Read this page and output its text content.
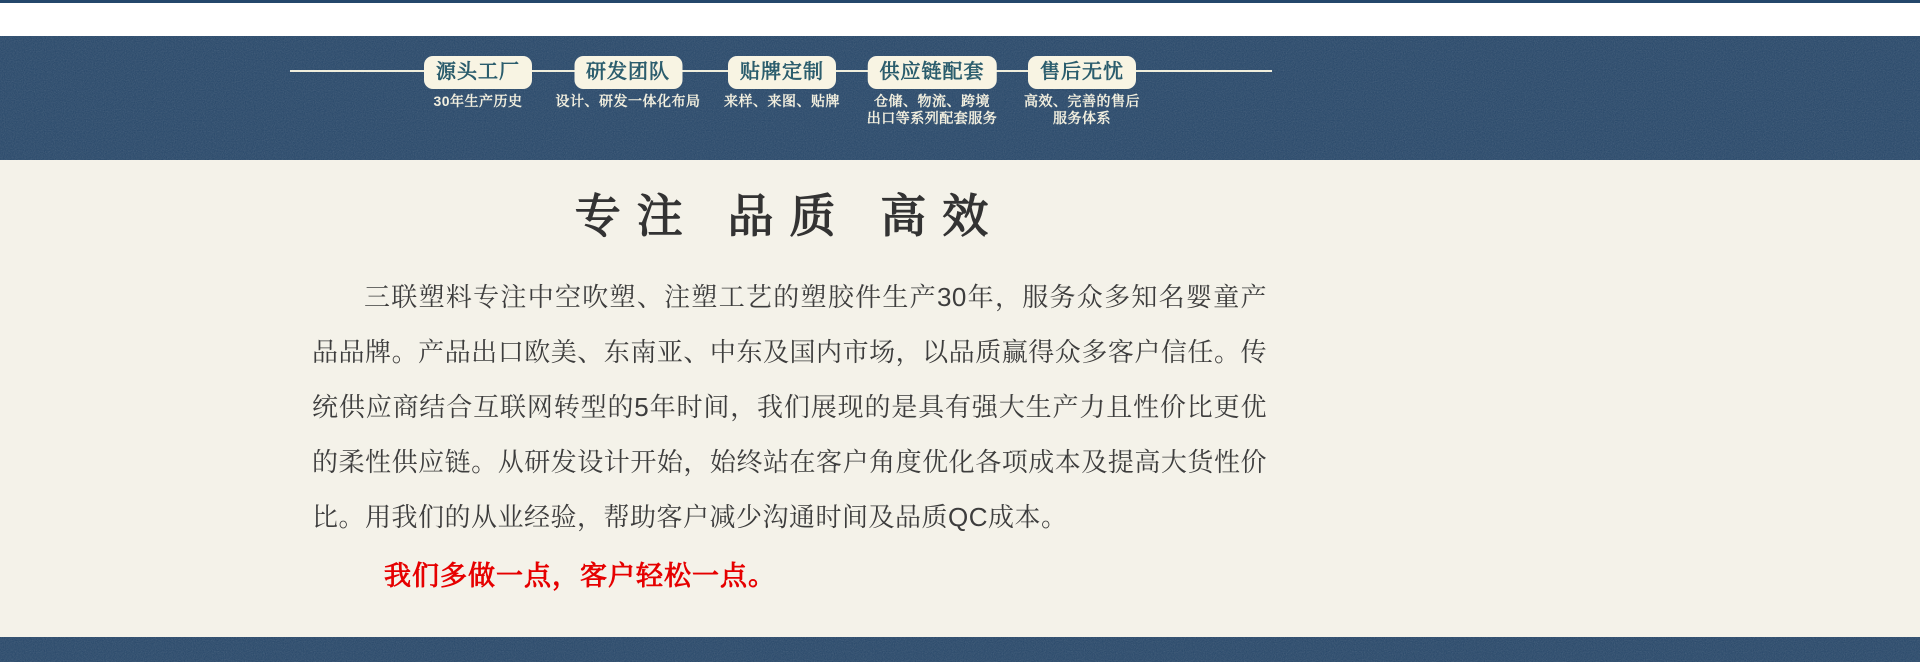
源头工厂
30年生产历史
研发团队
设计、研发一体化布局
贴牌定制
来样、来图、贴牌
供应链配套
仓储、物流、跨境
出口等系列配套服务
售后无忧
高效、完善的售后
服务体系
专注 品质 高效

三联塑料专注中空吹塑、注塑工艺的塑胶件生产30年，服务众多知名婴童产品品牌。产品出口欧美、东南亚、中东及国内市场，以品质赢得众多客户信任。传统供应商结合互联网转型的5年时间，我们展现的是具有强大生产力且性价比更优的柔性供应链。从研发设计开始，始终站在客户角度优化各项成本及提高大货性价比。用我们的从业经验，帮助客户减少沟通时间及品质QC成本。

我们多做一点，客户轻松一点。
